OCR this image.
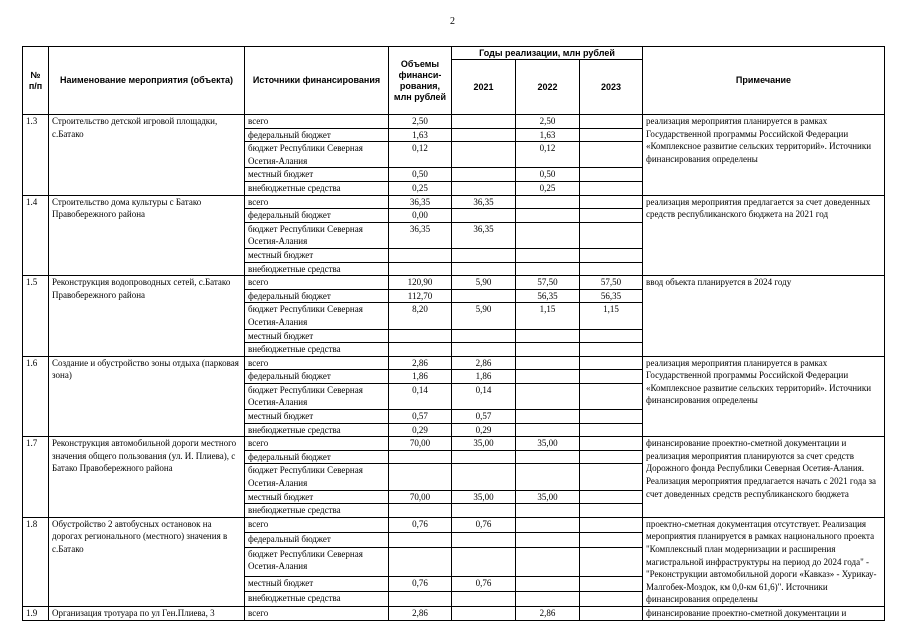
2
№
п/п	Наименование мероприятия (объекта)	Источники финансирования	Объемы финанси-рования, млн рублей	Годы реализации, млн рублей			Примечание
				2021	2022	2023	
1.3	Строительство детской игровой площадки, с.Батако	всего	2,50		2,50		реализация мероприятия планируется в рамках Государственной программы Российской Федерации «Комплексное развитие сельских территорий». Источники финансирования определены
		федеральный бюджет	1,63		1,63		
		бюджет Республики Северная Осетия-Алания	0,12		0,12		
		местный бюджет	0,50		0,50		
		внебюджетные средства	0,25		0,25		
1.4	Строительство дома культуры с Батако Правобережного района	всего	36,35	36,35			реализация мероприятия предлагается за счет доведенных средств республиканского бюджета на 2021 год
		федеральный бюджет	0,00				
		бюджет Республики Северная Осетия-Алания	36,35	36,35			
		местный бюджет					
		внебюджетные средства					
1.5	Реконструкция водопроводных сетей, с.Батако Правобережного района	всего	120,90	5,90	57,50	57,50	ввод объекта планируется в 2024 году
		федеральный бюджет	112,70		56,35	56,35	
		бюджет Республики Северная Осетия-Алания	8,20	5,90	1,15	1,15	
		местный бюджет					
		внебюджетные средства					
1.6	Создание и обустройство зоны отдыха (парковая зона)	всего	2,86	2,86			реализация мероприятия планируется в рамках Государственной программы Российской Федерации «Комплексное развитие сельских территорий». Источники финансирования определены
		федеральный бюджет	1,86	1,86			
		бюджет Республики Северная Осетия-Алания	0,14	0,14			
		местный бюджет	0,57	0,57			
		внебюджетные средства	0,29	0,29			
1.7	Реконструкция автомобильной дороги местного значения общего пользования (ул. И. Плиева), с Батако Правобережного района	всего	70,00	35,00	35,00		финансирование проектно-сметной документации и реализация мероприятия планируются за счет средств Дорожного фонда Республики Северная Осетия-Алания. Реализация мероприятия предлагается начать с 2021 года за счет доведенных средств республиканского бюджета
		федеральный бюджет					
		бюджет Республики Северная Осетия-Алания					
		местный бюджет	70,00	35,00	35,00		
		внебюджетные средства					
1.8	Обустройство 2 автобусных остановок на дорогах регионального (местного) значения в с.Батако	всего	0,76	0,76			проектно-сметная документация отсутствует. Реализация мероприятия планируется в рамках национального проекта "Комплексный план модернизации и расширения магистральной инфраструктуры на период до 2024 года" - "Реконструкции автомобильной дороги «Кавказ» - Хурикау-Малгобек-Моздок, км 0,0-км 61,6)". Источники финансирования определены
		федеральный бюджет					
		бюджет Республики Северная Осетия-Алания					
		местный бюджет	0,76	0,76			
		внебюджетные средства					
1.9	Организация тротуара по ул Ген.Плиева, 3	всего	2,86		2,86		финансирование проектно-сметной документации и
